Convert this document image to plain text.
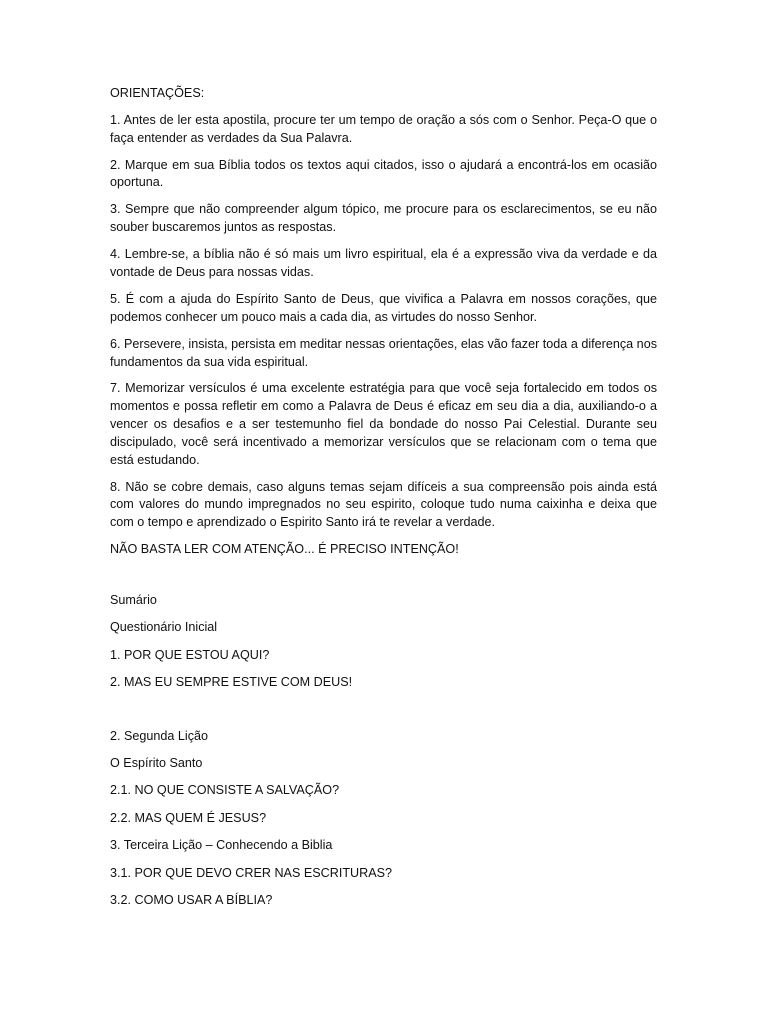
ORIENTAÇÕES:

1. Antes de ler esta apostila, procure ter um tempo de oração a sós com o Senhor. Peça-O que o faça entender as verdades da Sua Palavra.

2. Marque em sua Bíblia todos os textos aqui citados, isso o ajudará a encontrá-los em ocasião oportuna.

3. Sempre que não compreender algum tópico, me procure para os esclarecimentos, se eu não souber buscaremos juntos as respostas.

4. Lembre-se, a bíblia não é só mais um livro espiritual, ela é a expressão viva da verdade e da vontade de Deus para nossas vidas.

5. É com a ajuda do Espírito Santo de Deus, que vivifica a Palavra em nossos corações, que podemos conhecer um pouco mais a cada dia, as virtudes do nosso Senhor.

6. Persevere, insista, persista em meditar nessas orientações, elas vão fazer toda a diferença nos fundamentos da sua vida espiritual.

7. Memorizar versículos é uma excelente estratégia para que você seja fortalecido em todos os momentos e possa refletir em como a Palavra de Deus é eficaz em seu dia a dia, auxiliando-o a vencer os desafios e a ser testemunho fiel da bondade do nosso Pai Celestial. Durante seu discipulado, você será incentivado a memorizar versículos que se relacionam com o tema que está estudando.

8. Não se cobre demais, caso alguns temas sejam difíceis a sua compreensão pois ainda está com valores do mundo impregnados no seu espirito, coloque tudo numa caixinha e deixa que com o tempo e aprendizado o Espirito Santo irá te revelar a verdade.

NÃO BASTA LER COM ATENÇÃO... É PRECISO INTENÇÃO!

Sumário
Questionário Inicial
1. POR QUE ESTOU AQUI?
2. MAS EU SEMPRE ESTIVE COM DEUS!
2. Segunda Lição
O Espírito Santo
2.1. NO QUE CONSISTE A SALVAÇÃO?
2.2. MAS QUEM É JESUS?
3. Terceira Lição – Conhecendo a Biblia
3.1. POR QUE DEVO CRER NAS ESCRITURAS?
3.2. COMO USAR A BÍBLIA?
